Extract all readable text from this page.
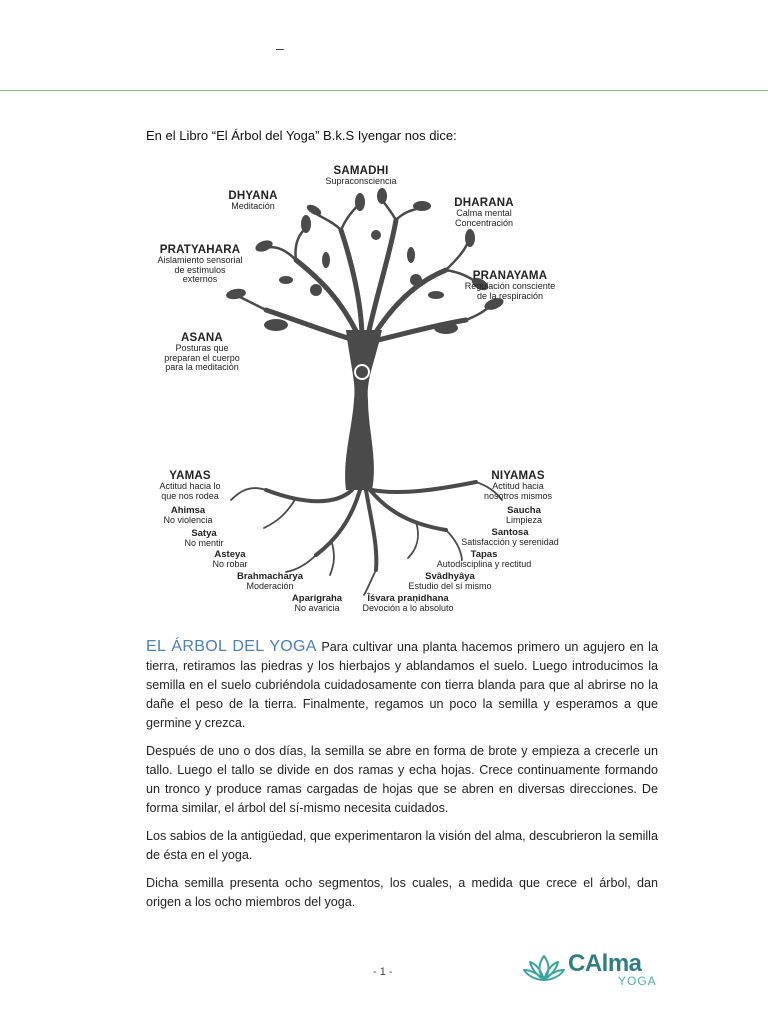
–
En el Libro “El Árbol del Yoga” B.k.S Iyengar nos dice:
SAMADHI
Supraconsciencia
DHYANA
Meditación	DHARANA
Calma mental
Concentración
PRATYAHARA
Aislamiento sensorial
de estímulos
externos	PRANAYAMA
Regulación consciente
de la respiración
ASANA
Posturas que
preparan el cuerpo
para la meditación
YAMAS
Actitud hacia lo
que nos rodea
Ahimsa
No violencia
Satya
No mentir
Asteya
No robar
Brahmacharya
Moderación
Aparigraha
No avaricia
NIYAMAS
Actitud hacia
nosotros mismos
Saucha
Limpieza
Santosa
Satisfacción y serenidad
Tapas
Autodisciplina y rectitud
Svâdhyâya
Estudio del sí mismo
Îśvara praṇidhana
Devoción a lo absoluto

EL ÁRBOL DEL YOGA Para cultivar una planta hacemos primero un agujero en la tierra, retiramos las piedras y los hierbajos y ablandamos el suelo. Luego introducimos la semilla en el suelo cubriéndola cuidadosamente con tierra blanda para que al abrirse no la dañe el peso de la tierra. Finalmente, regamos un poco la semilla y esperamos a que germine y crezca.

Después de uno o dos días, la semilla se abre en forma de brote y empieza a crecerle un tallo. Luego el tallo se divide en dos ramas y echa hojas. Crece continuamente formando un tronco y produce ramas cargadas de hojas que se abren en diversas direcciones. De forma similar, el árbol del sí-mismo necesita cuidados.

Los sabios de la antigüedad, que experimentaron la visión del alma, descubrieron la semilla de ésta en el yoga.

Dicha semilla presenta ocho segmentos, los cuales, a medida que crece el árbol, dan origen a los ocho miembros del yoga.

- 1 -	CAlma
YOGA
